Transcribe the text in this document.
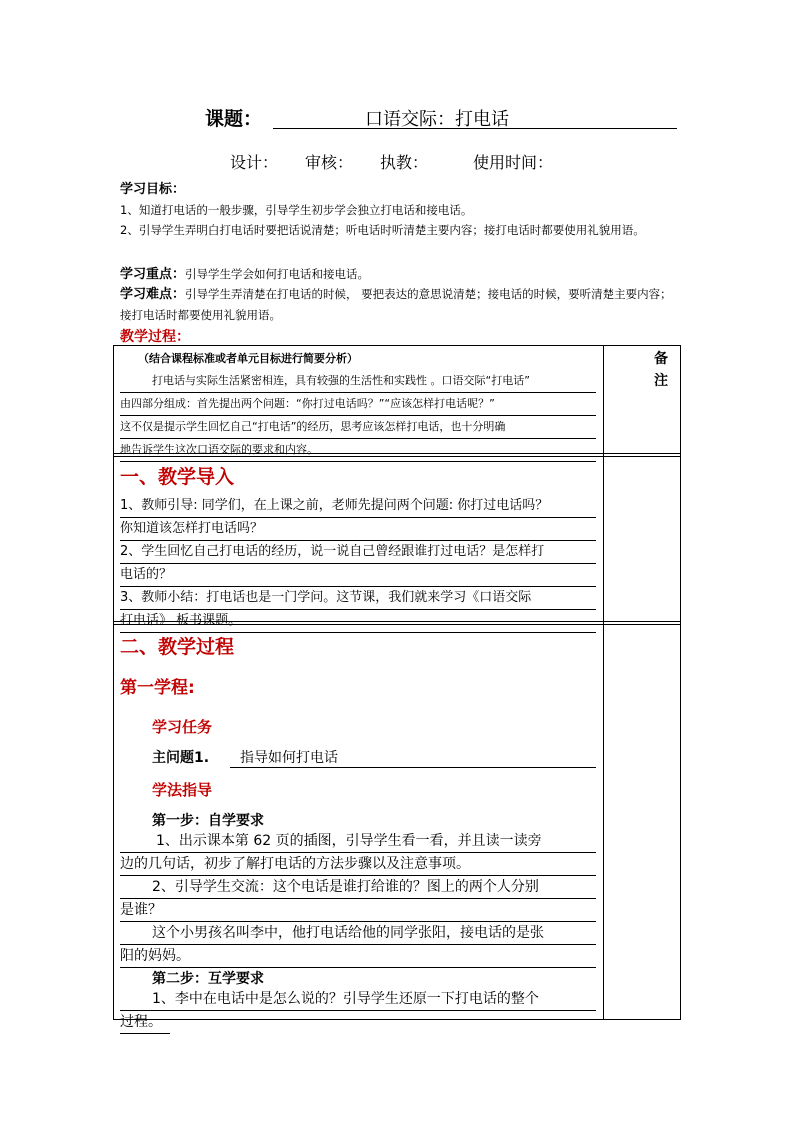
课题：	口语交际：打电话
设计： 审核： 执教：	使用时间：
学习目标：
1、知道打电话的一般步骤，引导学生初步学会独立打电话和接电话。
2、引导学生弄明白打电话时要把话说清楚；听电话时听清楚主要内容；接打电话时都要使用礼貌用语。
学习重点：引导学生学会如何打电话和接电话。
学习难点：引导学生弄清楚在打电话的时候， 要把表达的意思说清楚；接电话的时候，要听清楚主要内容；接打电话时都要使用礼貌用语。
教学过程：
备注
（结合课程标准或者单元目标进行简要分析）
打电话与实际生活紧密相连，具有较强的生活性和实践性 。口语交际“打电话”
由四部分组成：首先提出两个问题：“你打过电话吗？”“应该怎样打电话呢？”
这不仅是提示学生回忆自己“打电话”的经历，思考应该怎样打电话，也十分明确
地告诉学生这次口语交际的要求和内容。
一、教学导入
1、教师引导: 同学们，在上课之前，老师先提问两个问题: 你打过电话吗？
你知道该怎样打电话吗？
2、学生回忆自己打电话的经历，说一说自己曾经跟谁打过电话？是怎样打
电话的？
3、教师小结：打电话也是一门学问。这节课，我们就来学习《口语交际
打电话》 板书课题。
二、教学过程
第一学程:
学习任务
主问题1.	指导如何打电话
学法指导
第一步：自学要求
1、出示课本第 62 页的插图，引导学生看一看，并且读一读旁
边的几句话，初步了解打电话的方法步骤以及注意事项。
2、引导学生交流：这个电话是谁打给谁的？图上的两个人分别
是谁？
这个小男孩名叫李中，他打电话给他的同学张阳，接电话的是张
阳的妈妈。
第二步：互学要求
1、李中在电话中是怎么说的？引导学生还原一下打电话的整个
过程。
